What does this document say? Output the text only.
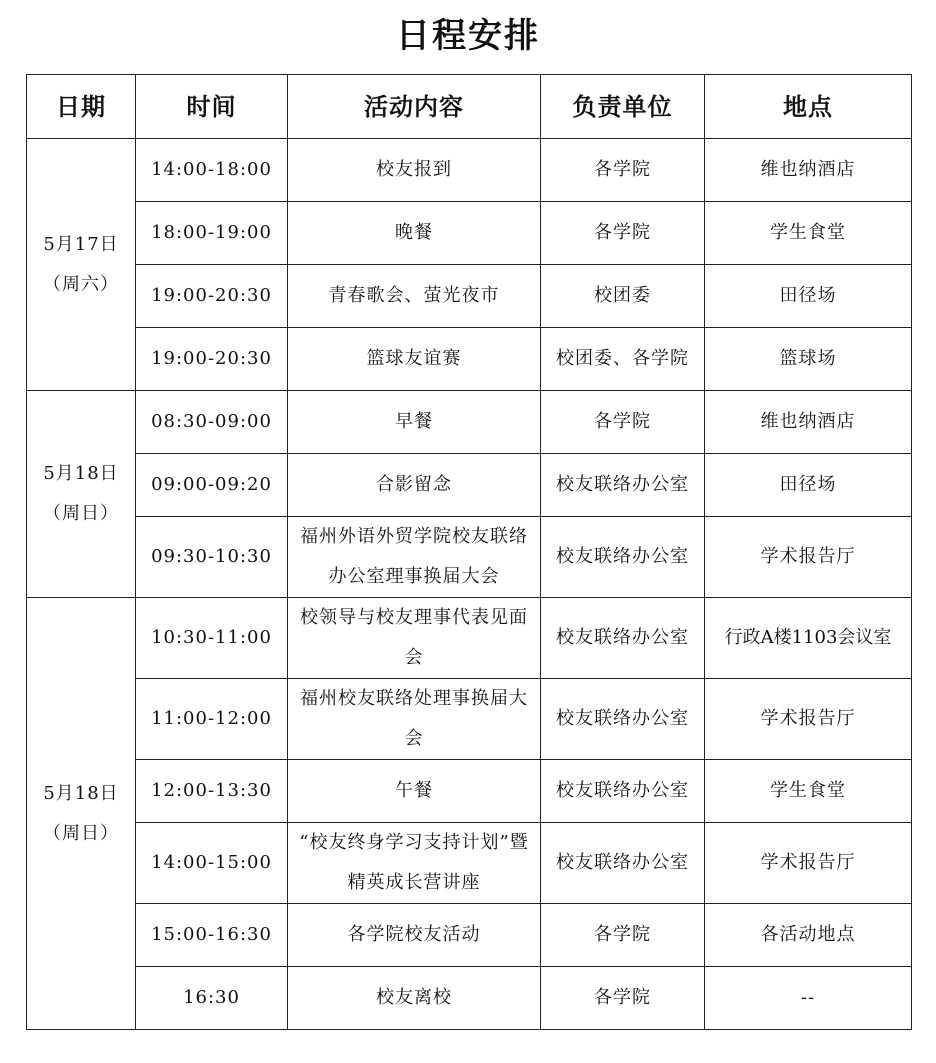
日程安排
日期	时间	活动内容	负责单位	地点

5月17日
（周六）	14:00-18:00	校友报到	各学院	维也纳酒店
	18:00-19:00	晚餐	各学院	学生食堂
	19:00-20:30	青春歌会、萤光夜市	校团委	田径场
	19:00-20:30	篮球友谊赛	校团委、各学院	篮球场

5月18日
（周日）	08:30-09:00	早餐	各学院	维也纳酒店
	09:00-09:20	合影留念	校友联络办公室	田径场
	09:30-10:30	福州外语外贸学院校友联络办公室理事换届大会	校友联络办公室	学术报告厅

5月18日
（周日）	10:30-11:00	校领导与校友理事代表见面会	校友联络办公室	行政A楼1103会议室
	11:00-12:00	福州校友联络处理事换届大会	校友联络办公室	学术报告厅
	12:00-13:30	午餐	校友联络办公室	学生食堂
	14:00-15:00	“校友终身学习支持计划”暨精英成长营讲座	校友联络办公室	学术报告厅
	15:00-16:30	各学院校友活动	各学院	各活动地点
	16:30	校友离校	各学院	--
